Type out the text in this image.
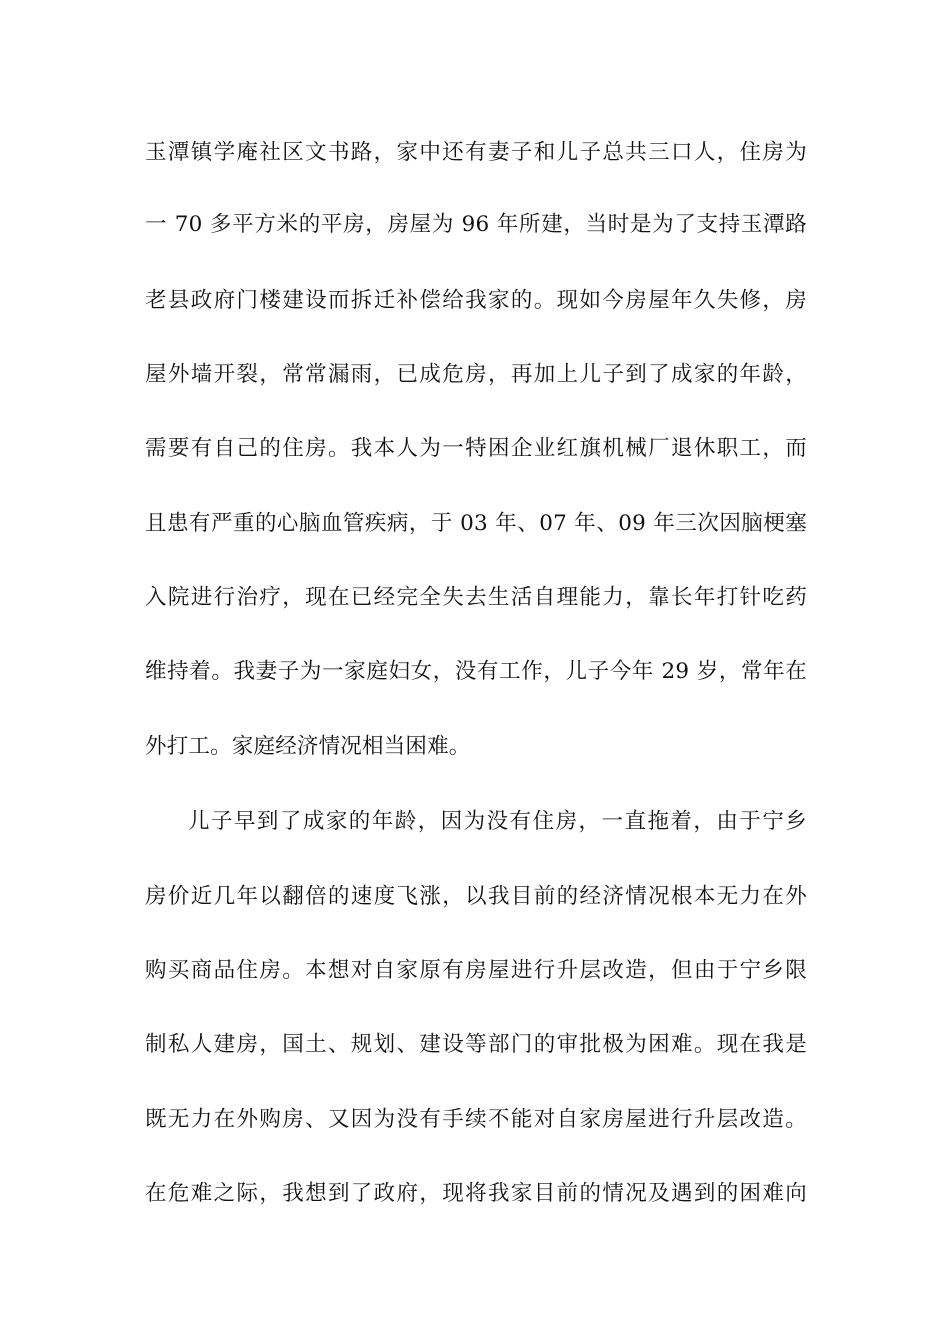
玉潭镇学庵社区文书路，家中还有妻子和儿子总共三口人，住房为
一 70 多平方米的平房，房屋为 96 年所建，当时是为了支持玉潭路
老县政府门楼建设而拆迁补偿给我家的。现如今房屋年久失修，房
屋外墙开裂，常常漏雨，已成危房，再加上儿子到了成家的年龄，
需要有自己的住房。我本人为一特困企业红旗机械厂退休职工，而
且患有严重的心脑血管疾病，于 03 年、07 年、09 年三次因脑梗塞
入院进行治疗，现在已经完全失去生活自理能力，靠长年打针吃药
维持着。我妻子为一家庭妇女，没有工作，儿子今年 29 岁，常年在
外打工。家庭经济情况相当困难。
儿子早到了成家的年龄，因为没有住房，一直拖着，由于宁乡
房价近几年以翻倍的速度飞涨，以我目前的经济情况根本无力在外
购买商品住房。本想对自家原有房屋进行升层改造，但由于宁乡限
制私人建房，国土、规划、建设等部门的审批极为困难。现在我是
既无力在外购房、又因为没有手续不能对自家房屋进行升层改造。
在危难之际，我想到了政府，现将我家目前的情况及遇到的困难向
